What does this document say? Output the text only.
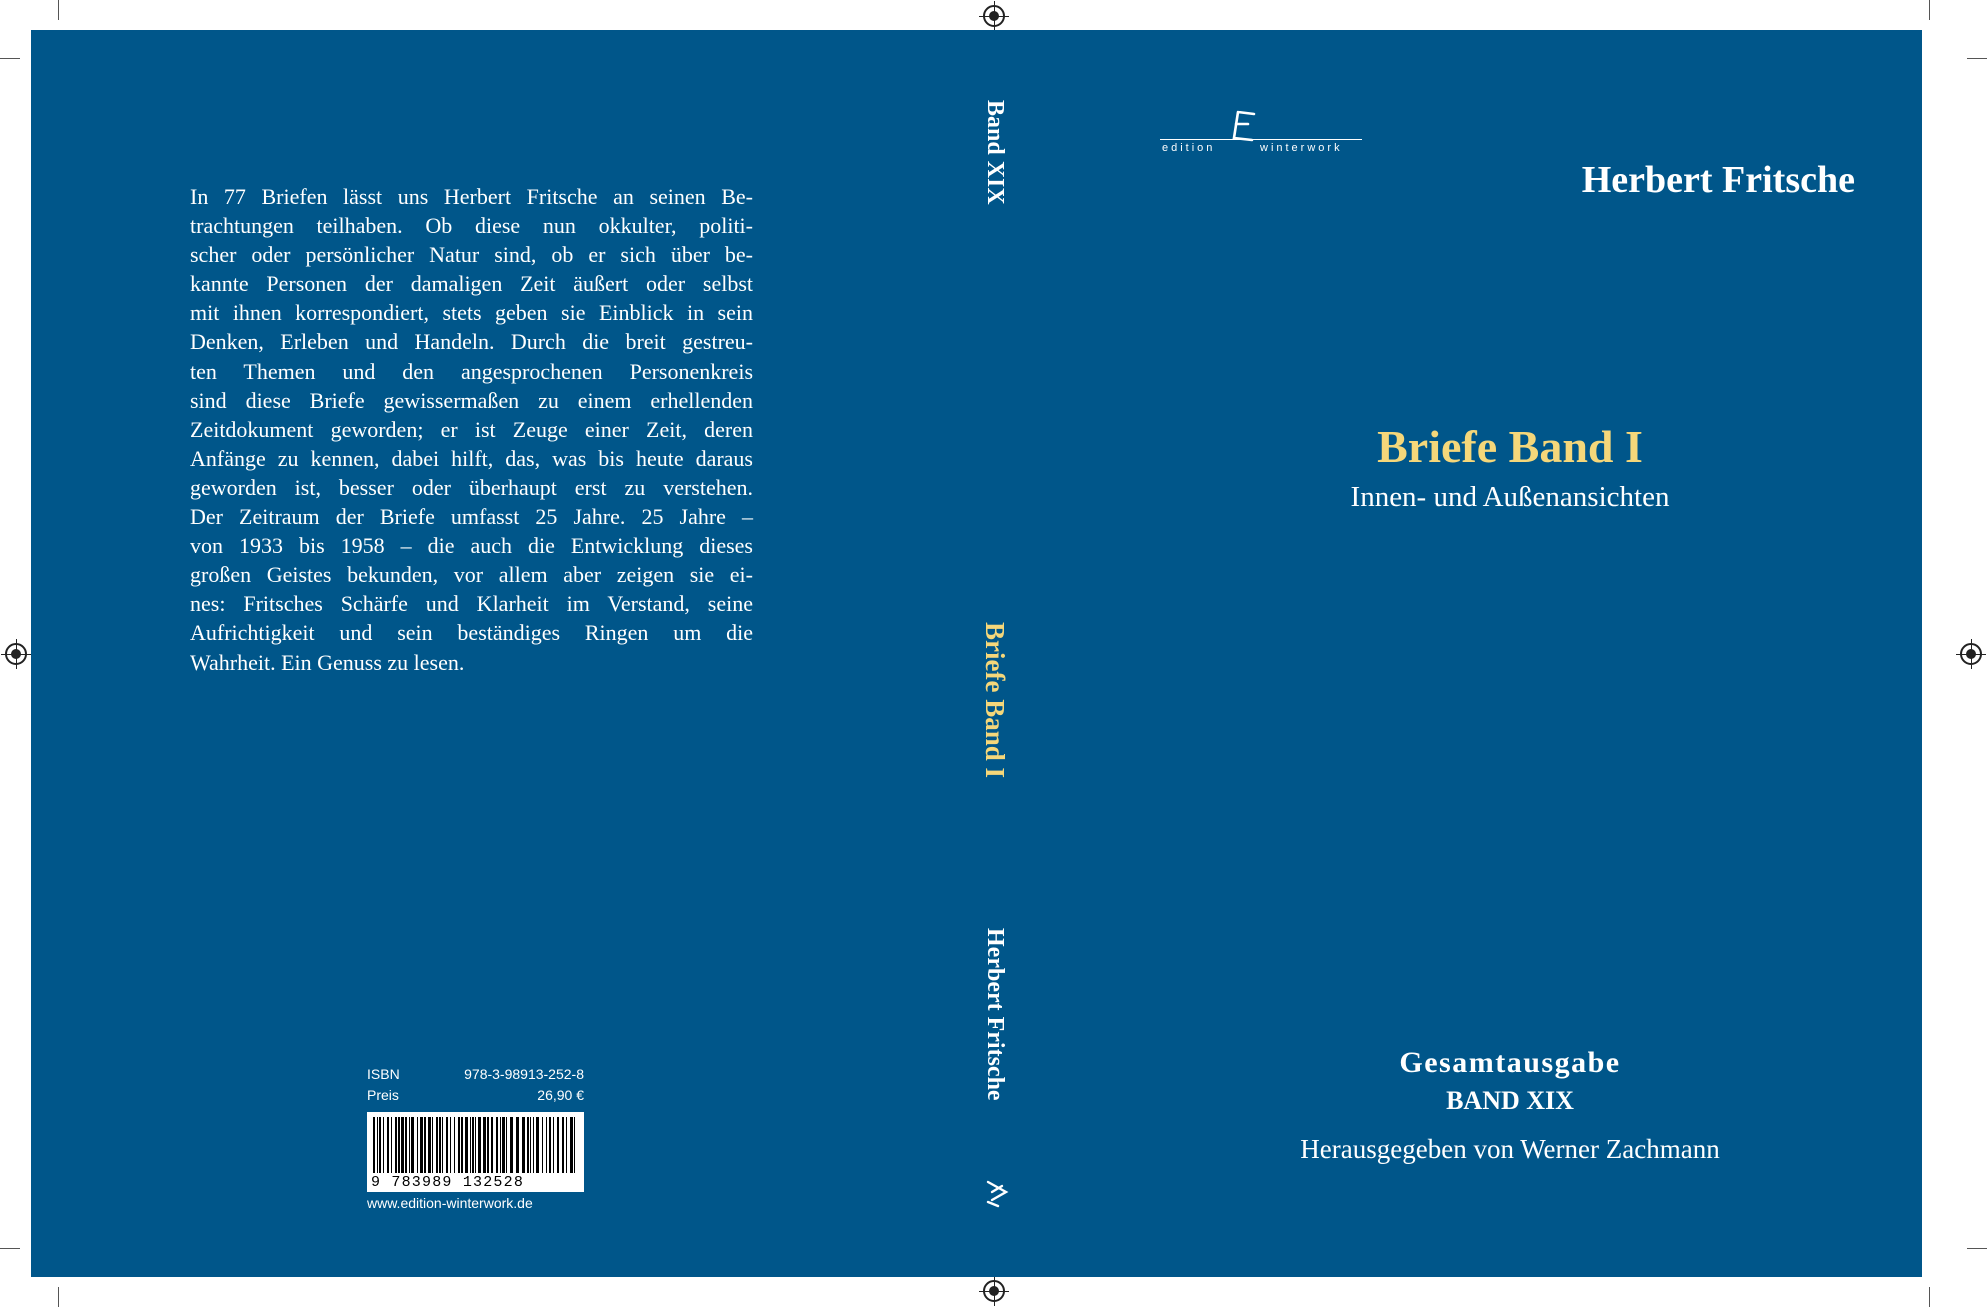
In 77 Briefen lässt uns Herbert Fritsche an seinen Be-
trachtungen teilhaben. Ob diese nun okkulter, politi-
scher oder persönlicher Natur sind, ob er sich über be-
kannte Personen der damaligen Zeit äußert oder selbst
mit ihnen korrespondiert, stets geben sie Einblick in sein
Denken, Erleben und Handeln. Durch die breit gestreu-
ten Themen und den angesprochenen Personenkreis
sind diese Briefe gewissermaßen zu einem erhellenden
Zeitdokument geworden; er ist Zeuge einer Zeit, deren
Anfänge zu kennen, dabei hilft, das, was bis heute daraus
geworden ist, besser oder überhaupt erst zu verstehen.
Der Zeitraum der Briefe umfasst 25 Jahre. 25 Jahre –
von 1933 bis 1958 – die auch die Entwicklung dieses
großen Geistes bekunden, vor allem aber zeigen sie ei-
nes: Fritsches Schärfe und Klarheit im Verstand, seine
Aufrichtigkeit und sein beständiges Ringen um die
Wahrheit. Ein Genuss zu lesen.
ISBN	978-3-98913-252-8
Preis	26,90 €
9 783989 132528
www.edition-winterwork.de
Band XIX
Briefe Band I
Herbert Fritsche
edition	winterwork

Herbert Fritsche

Briefe Band I

Innen- und Außenansichten

Gesamtausgabe

BAND XIX

Herausgegeben von Werner Zachmann
